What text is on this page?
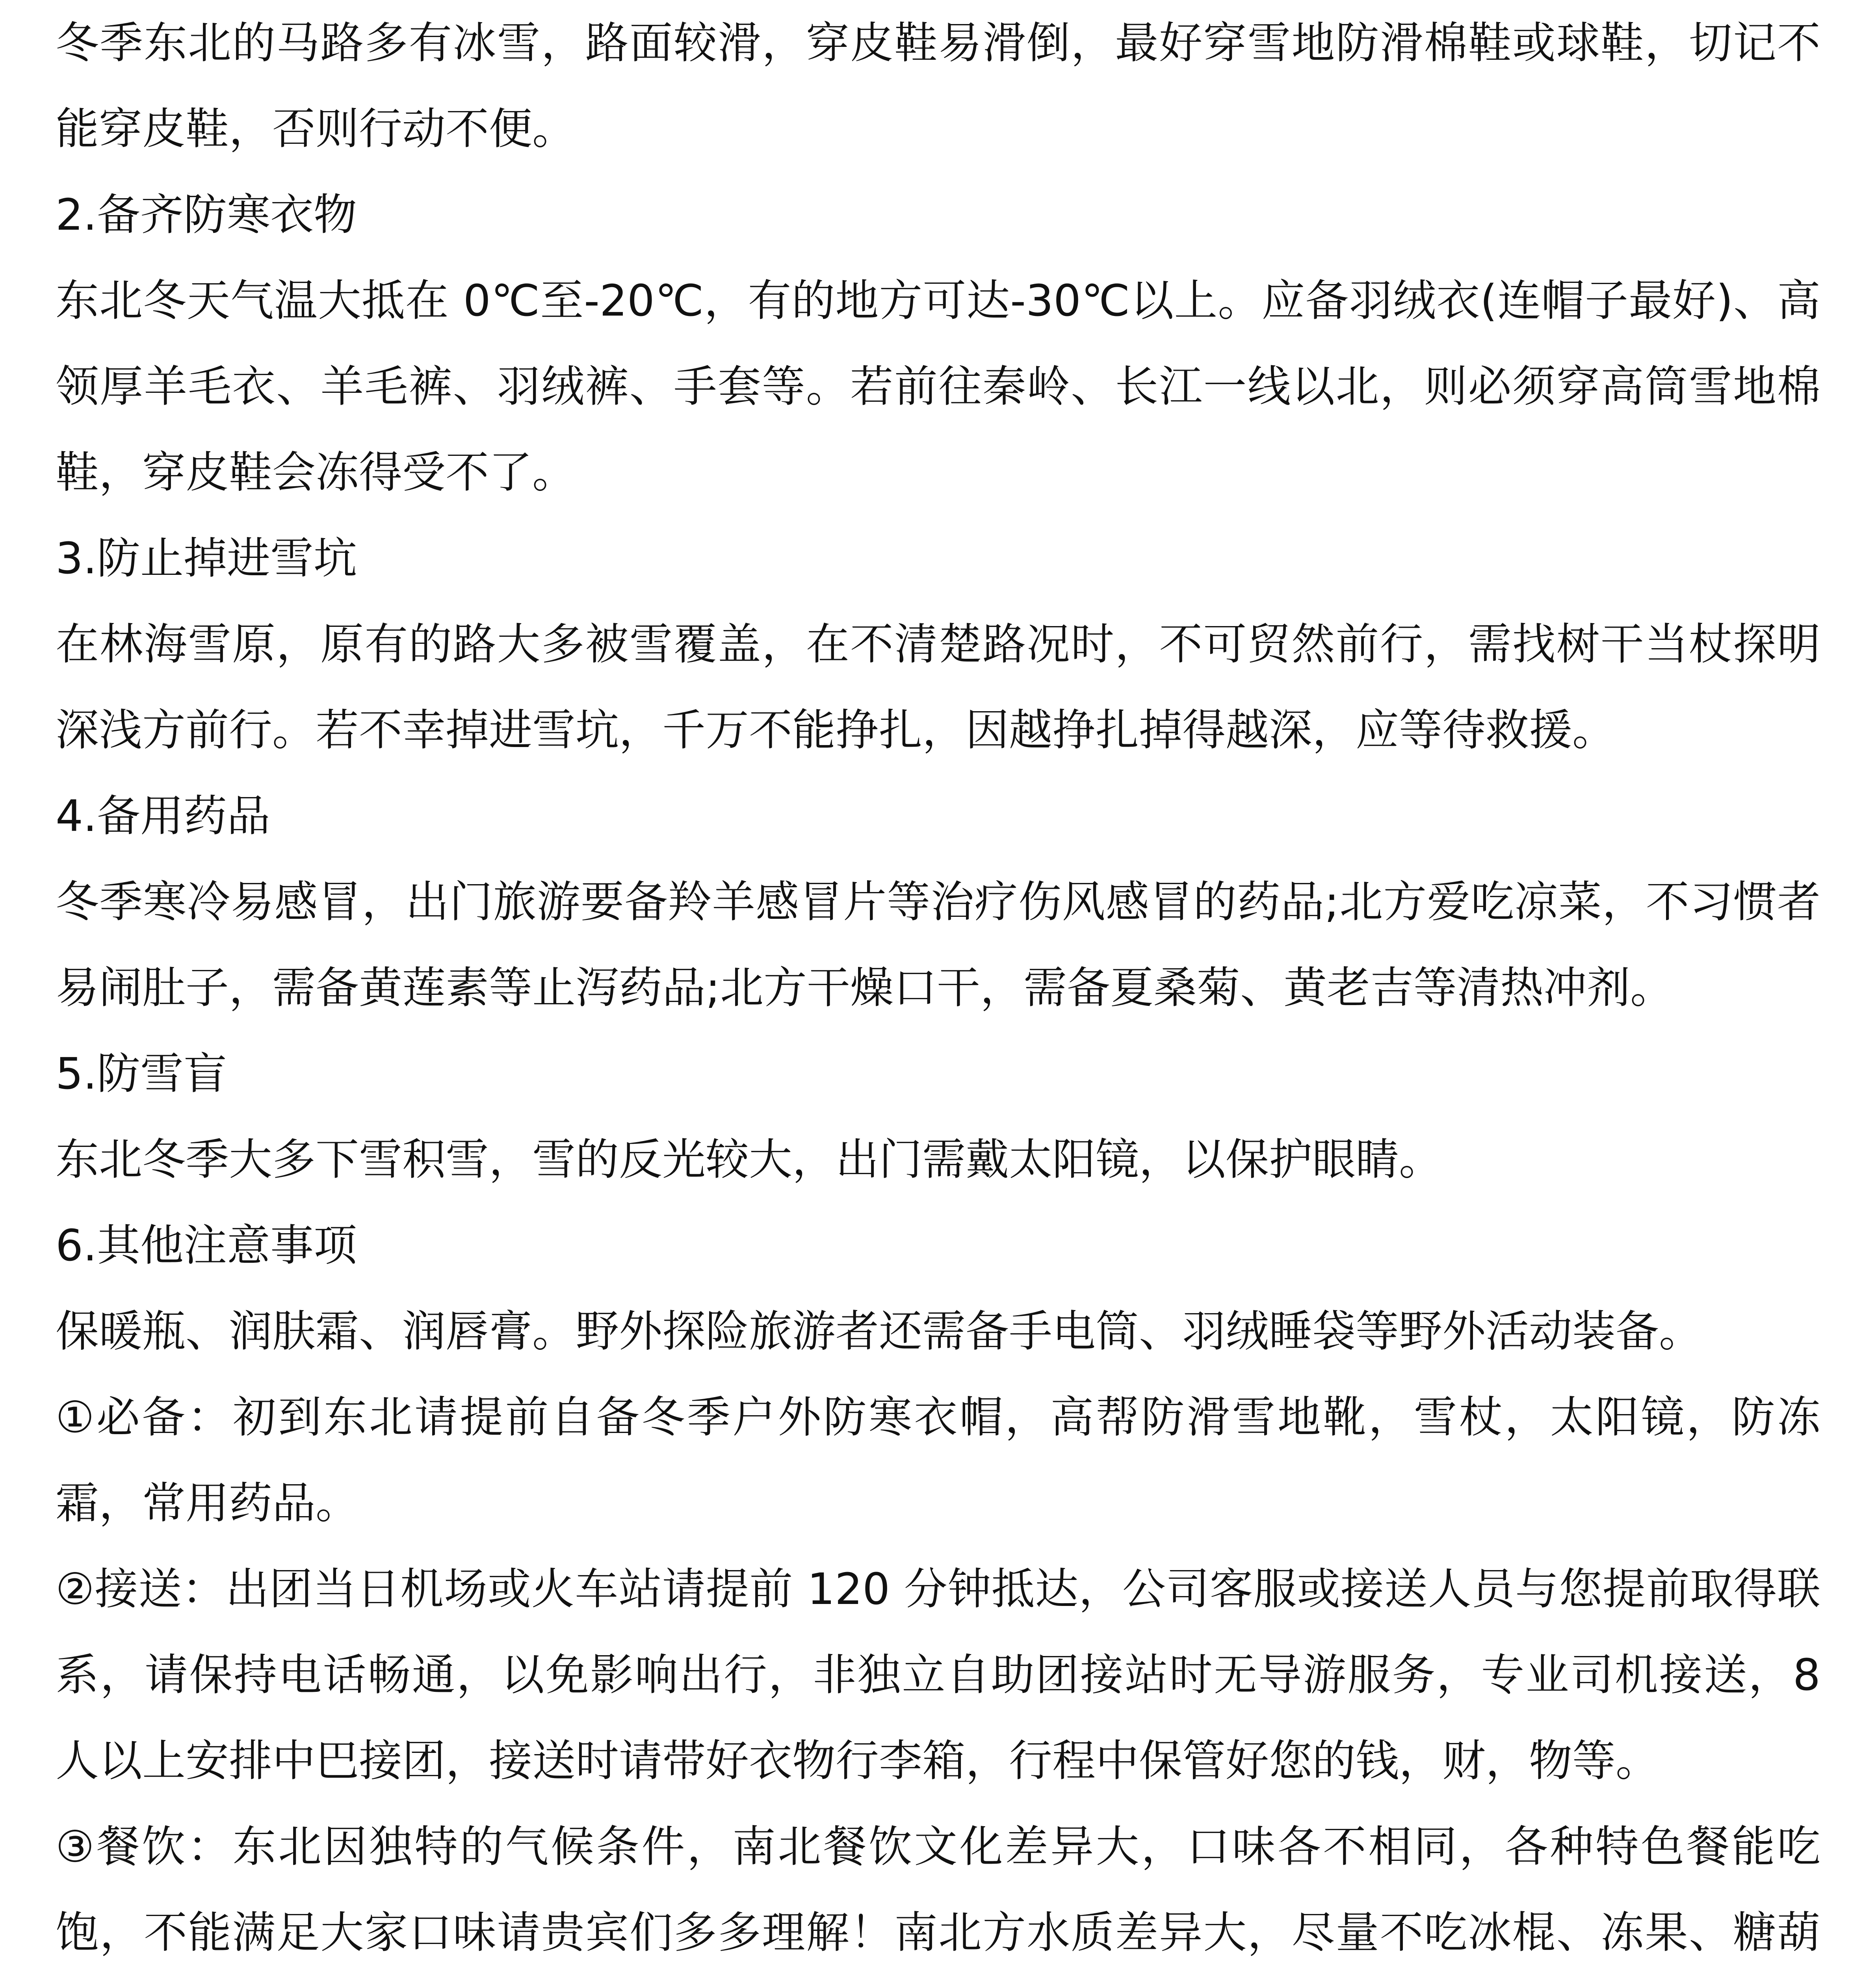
冬季东北的马路多有冰雪，路面较滑，穿皮鞋易滑倒，最好穿雪地防滑棉鞋或球鞋，切记不能穿皮鞋，否则行动不便。

2.备齐防寒衣物

东北冬天气温大抵在 0℃至-20℃，有的地方可达-30℃以上。应备羽绒衣(连帽子最好)、高领厚羊毛衣、羊毛裤、羽绒裤、手套等。若前往秦岭、长江一线以北，则必须穿高筒雪地棉鞋，穿皮鞋会冻得受不了。

3.防止掉进雪坑

在林海雪原，原有的路大多被雪覆盖，在不清楚路况时，不可贸然前行，需找树干当杖探明深浅方前行。若不幸掉进雪坑，千万不能挣扎，因越挣扎掉得越深，应等待救援。

4.备用药品

冬季寒冷易感冒，出门旅游要备羚羊感冒片等治疗伤风感冒的药品;北方爱吃凉菜，不习惯者易闹肚子，需备黄莲素等止泻药品;北方干燥口干，需备夏桑菊、黄老吉等清热冲剂。

5.防雪盲

东北冬季大多下雪积雪，雪的反光较大，出门需戴太阳镜，以保护眼睛。

6.其他注意事项

保暖瓶、润肤霜、润唇膏。野外探险旅游者还需备手电筒、羽绒睡袋等野外活动装备。

①必备：初到东北请提前自备冬季户外防寒衣帽，高帮防滑雪地靴，雪杖，太阳镜，防冻霜，常用药品。

②接送：出团当日机场或火车站请提前 120 分钟抵达，公司客服或接送人员与您提前取得联系，请保持电话畅通，以免影响出行，非独立自助团接站时无导游服务，专业司机接送，8 人以上安排中巴接团，接送时请带好衣物行李箱，行程中保管好您的钱，财，物等。

③餐饮：东北因独特的气候条件，南北餐饮文化差异大，口味各不相同，各种特色餐能吃饱，不能满足大家口味请贵宾们多多理解！南北方水质差异大，尽量不吃冰棍、冻果、糖葫
